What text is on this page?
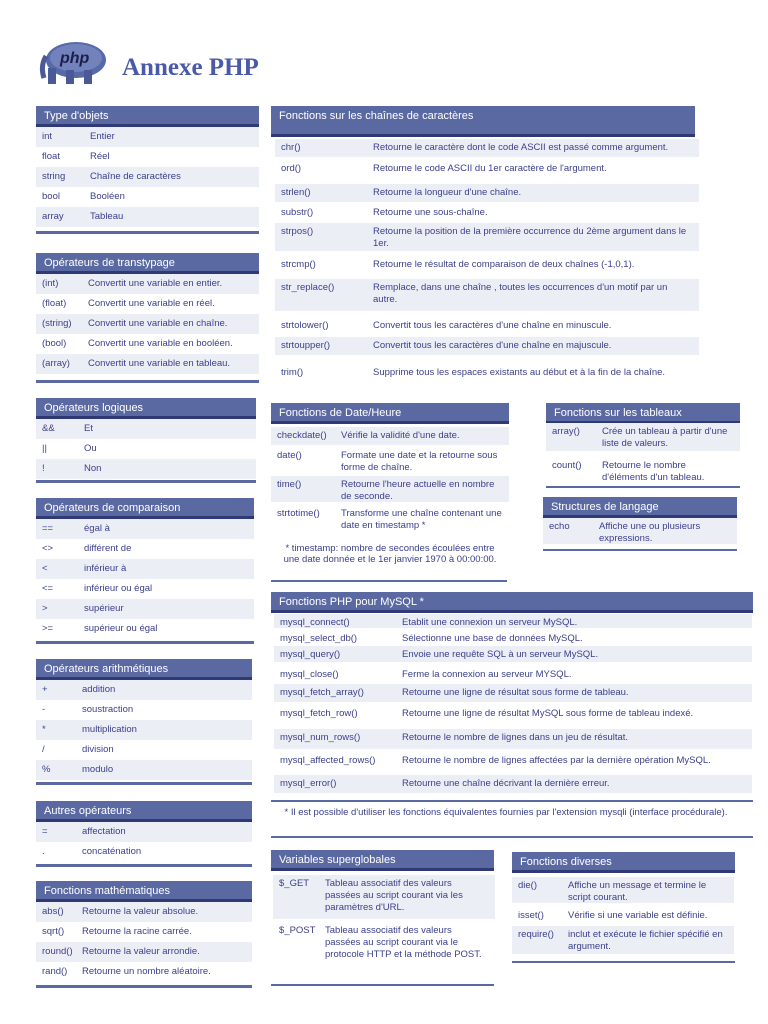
php Annexe PHP
Type d'objets
int	Entier
float	Réel
string	Chaîne de caractères
bool	Booléen
array	Tableau
Opérateurs de transtypage
(int)	Convertit une variable en entier.
(float) Convertit une variable en réel.
(string) Convertit une variable en chaîne.
(bool) Convertit une variable en booléen.
(array) Convertit une variable en tableau.
Opérateurs logiques
&&	Et
||	Ou
!	Non
Opérateurs de comparaison
==	égal à
<>	différent de
<	inférieur à
<=	inférieur ou égal
>	supérieur
>=	supérieur ou égal
Opérateurs arithmétiques
+	addition
-	soustraction
*	multiplication
/	division
%	modulo
Autres opérateurs
=	affectation
.	concaténation
Fonctions mathématiques
abs() Retourne la valeur absolue.
sqrt() Retourne la racine carrée.
round() Retourne la valeur arrondie.
rand() Retourne un nombre aléatoire.
Fonctions sur les chaînes de caractères
chr()	Retourne le caractère dont le code ASCII est passé comme argument.
ord()	Retourne le code ASCII du 1er caractère de l'argument.
strlen()	Retourne la longueur d'une chaîne.
substr()	Retourne une sous-chaîne.
strpos()	Retourne la position de la première occurrence du 2ème argument dans le 1er.
strcmp()	Retourne le résultat de comparaison de deux chaînes (-1,0,1).
str_replace()	Remplace, dans une chaîne , toutes les occurrences d'un motif par un autre.
strtolower()	Convertit tous les caractères d'une chaîne en minuscule.
strtoupper()	Convertit tous les caractères d'une chaîne en majuscule.
trim()	Supprime tous les espaces existants au début et à la fin de la chaîne.
Fonctions de Date/Heure
checkdate() Vérifie la validité d'une date.
date()	Formate une date et la retourne sous forme de chaîne.
time()	Retourne l'heure actuelle en nombre de seconde.
strtotime() Transforme une chaîne contenant une date en timestamp *
* timestamp: nombre de secondes écoulées entre une date donnée et le 1er janvier 1970 à 00:00:00.
Fonctions sur les tableaux
array() Crée un tableau à partir d'une liste de valeurs.
count() Retourne le nombre d'éléments d'un tableau.
Structures de langage
echo	Affiche une ou plusieurs expressions.
Fonctions PHP pour MySQL *
mysql_connect()	Etablit une connexion un serveur MySQL.
mysql_select_db()	Sélectionne une base de données MySQL.
mysql_query()	Envoie une requête SQL à un serveur MySQL.
mysql_close()	Ferme la connexion au serveur MYSQL.
mysql_fetch_array()	Retourne une ligne de résultat sous forme de tableau.
mysql_fetch_row()	Retourne une ligne de résultat MySQL sous forme de tableau indexé.
mysql_num_rows()	Retourne le nombre de lignes dans un jeu de résultat.
mysql_affected_rows()	Retourne le nombre de lignes affectées par la dernière opération MySQL.
mysql_error()	Retourne une chaîne décrivant la dernière erreur.
* Il est possible d'utiliser les fonctions équivalentes fournies par l'extension mysqli (interface procédurale).
Variables superglobales
$_GET Tableau associatif des valeurs passées au script courant via les paramètres d'URL.
$_POST Tableau associatif des valeurs passées au script courant via le protocole HTTP et la méthode POST.
Fonctions diverses
die()	Affiche un message et termine le script courant.
isset()	Vérifie si une variable est définie.
require() inclut et exécute le fichier spécifié en argument.
